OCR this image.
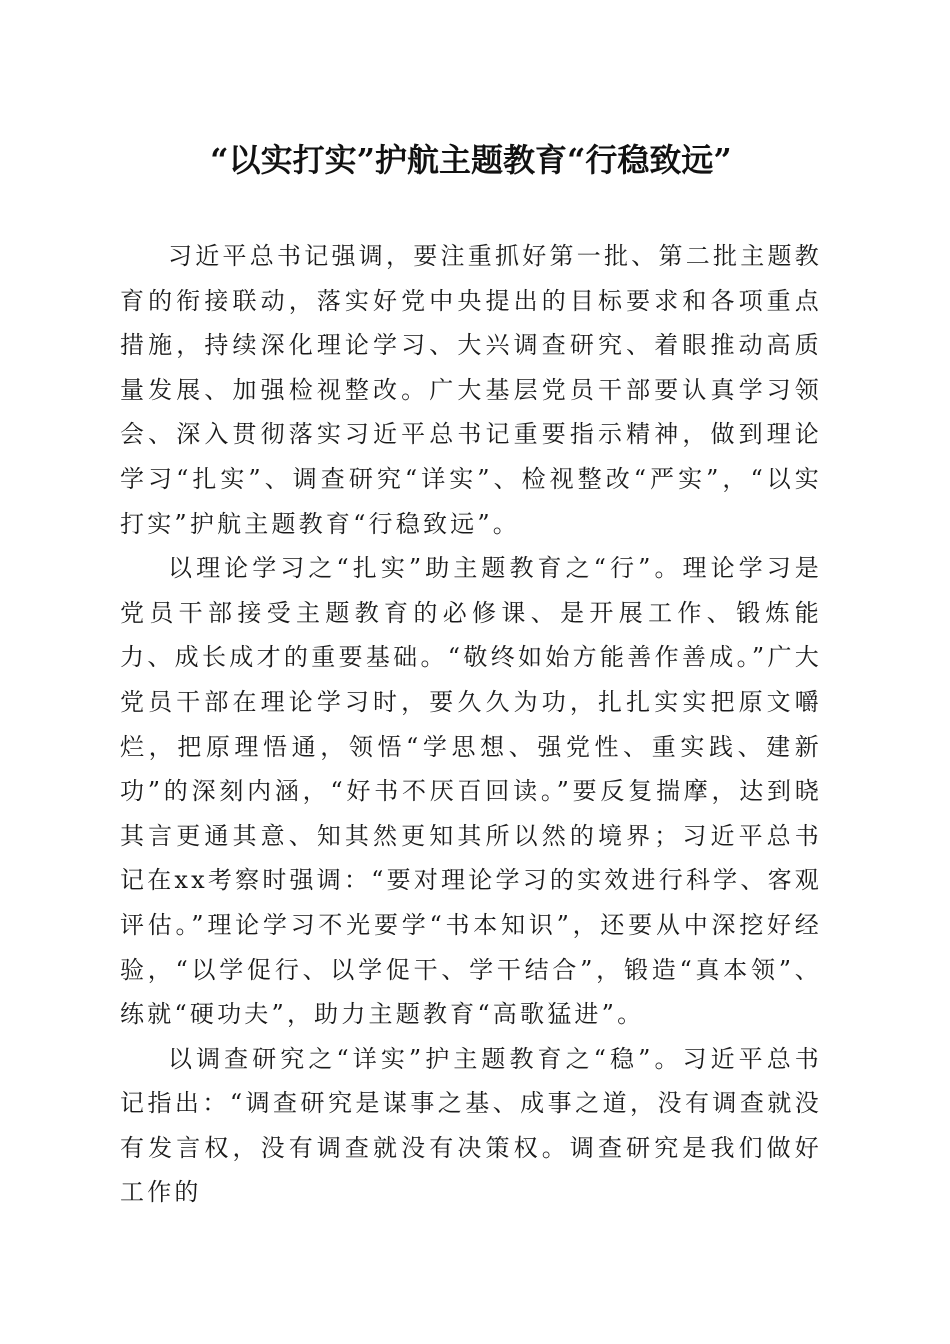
“以实打实”护航主题教育“行稳致远”

习近平总书记强调，要注重抓好第一批、第二批主题教育的衔接联动，落实好党中央提出的目标要求和各项重点措施，持续深化理论学习、大兴调查研究、着眼推动高质量发展、加强检视整改。广大基层党员干部要认真学习领会、深入贯彻落实习近平总书记重要指示精神，做到理论学习“扎实”、调查研究“详实”、检视整改“严实”，“以实打实”护航主题教育“行稳致远”。

以理论学习之“扎实”助主题教育之“行”。理论学习是党员干部接受主题教育的必修课、是开展工作、锻炼能力、成长成才的重要基础。“敬终如始方能善作善成。”广大党员干部在理论学习时，要久久为功，扎扎实实把原文嚼烂，把原理悟通，领悟“学思想、强党性、重实践、建新功”的深刻内涵，“好书不厌百回读。”要反复揣摩，达到晓其言更通其意、知其然更知其所以然的境界；习近平总书记在xx考察时强调：“要对理论学习的实效进行科学、客观评估。”理论学习不光要学“书本知识”，还要从中深挖好经验，“以学促行、以学促干、学干结合”，锻造“真本领”、练就“硬功夫”，助力主题教育“高歌猛进”。

以调查研究之“详实”护主题教育之“稳”。习近平总书记指出：“调查研究是谋事之基、成事之道，没有调查就没有发言权，没有调查就没有决策权。调查研究是我们做好工作的
